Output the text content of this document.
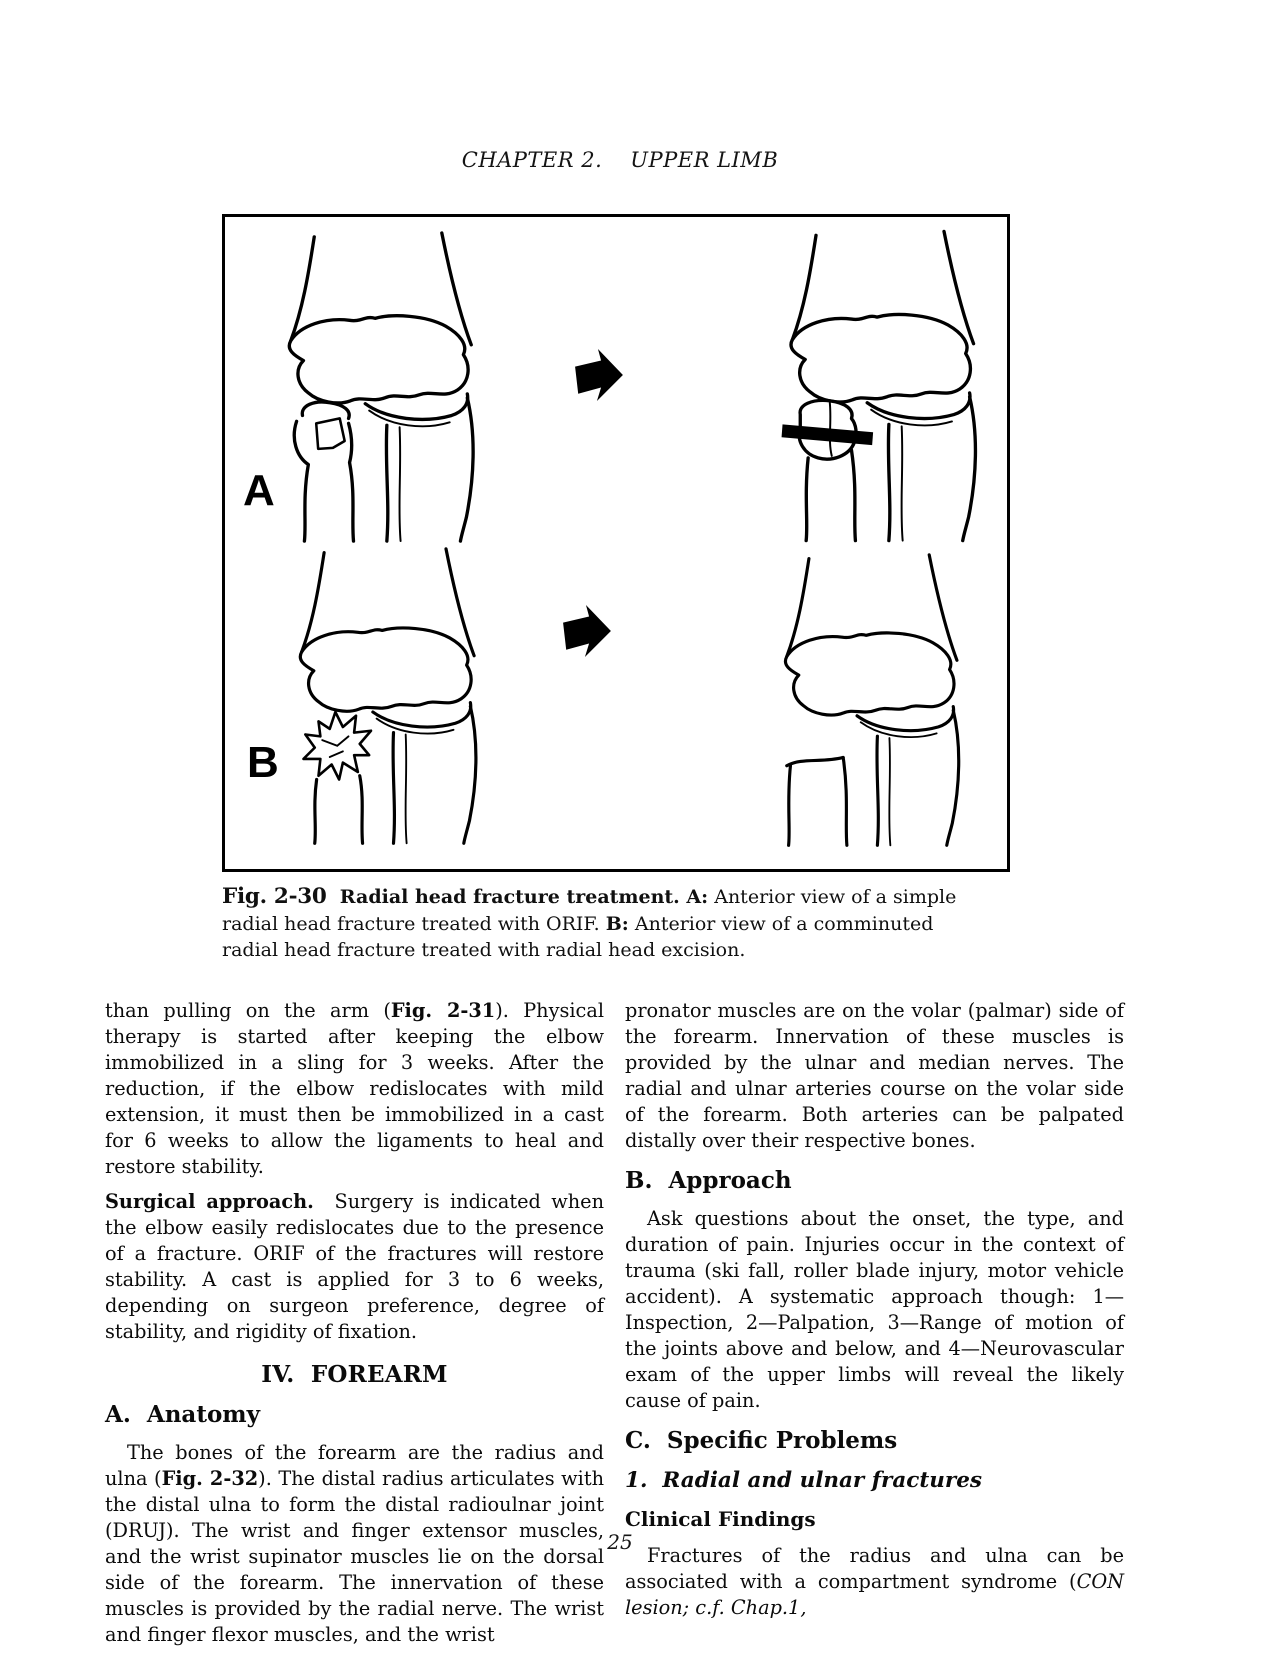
CHAPTER 2. UPPER LIMB
A
B
Fig. 2-30  Radial head fracture treatment. A: Anterior view of a simple radial head fracture treated with ORIF. B: Anterior view of a comminuted radial head fracture treated with radial head excision.

than pulling on the arm (Fig. 2-31). Physical therapy is started after keeping the elbow immobilized in a sling for 3 weeks. After the reduction, if the elbow redislocates with mild extension, it must then be immobilized in a cast for 6 weeks to allow the ligaments to heal and restore stability.

Surgical approach.  Surgery is indicated when the elbow easily redislocates due to the presence of a fracture. ORIF of the fractures will restore stability. A cast is applied for 3 to 6 weeks, depending on surgeon preference, degree of stability, and rigidity of fixation.

IV.  FOREARM
A.  Anatomy

The bones of the forearm are the radius and ulna (Fig. 2-32). The distal radius articulates with the distal ulna to form the distal radioulnar joint (DRUJ). The wrist and finger extensor muscles, and the wrist supinator muscles lie on the dorsal side of the forearm. The innervation of these muscles is provided by the radial nerve. The wrist and finger flexor muscles, and the wrist

pronator muscles are on the volar (palmar) side of the forearm. Innervation of these muscles is provided by the ulnar and median nerves. The radial and ulnar arteries course on the volar side of the forearm. Both arteries can be palpated distally over their respective bones.

B.  Approach

Ask questions about the onset, the type, and duration of pain. Injuries occur in the context of trauma (ski fall, roller blade injury, motor vehicle accident). A systematic approach though: 1—Inspection, 2—Palpation, 3—Range of motion of the joints above and below, and 4—Neurovascular exam of the upper limbs will reveal the likely cause of pain.

C.  Specific Problems
1.  Radial and ulnar fractures
Clinical Findings

Fractures of the radius and ulna can be associated with a compartment syndrome (CON lesion; c.f. Chap.1,

25
